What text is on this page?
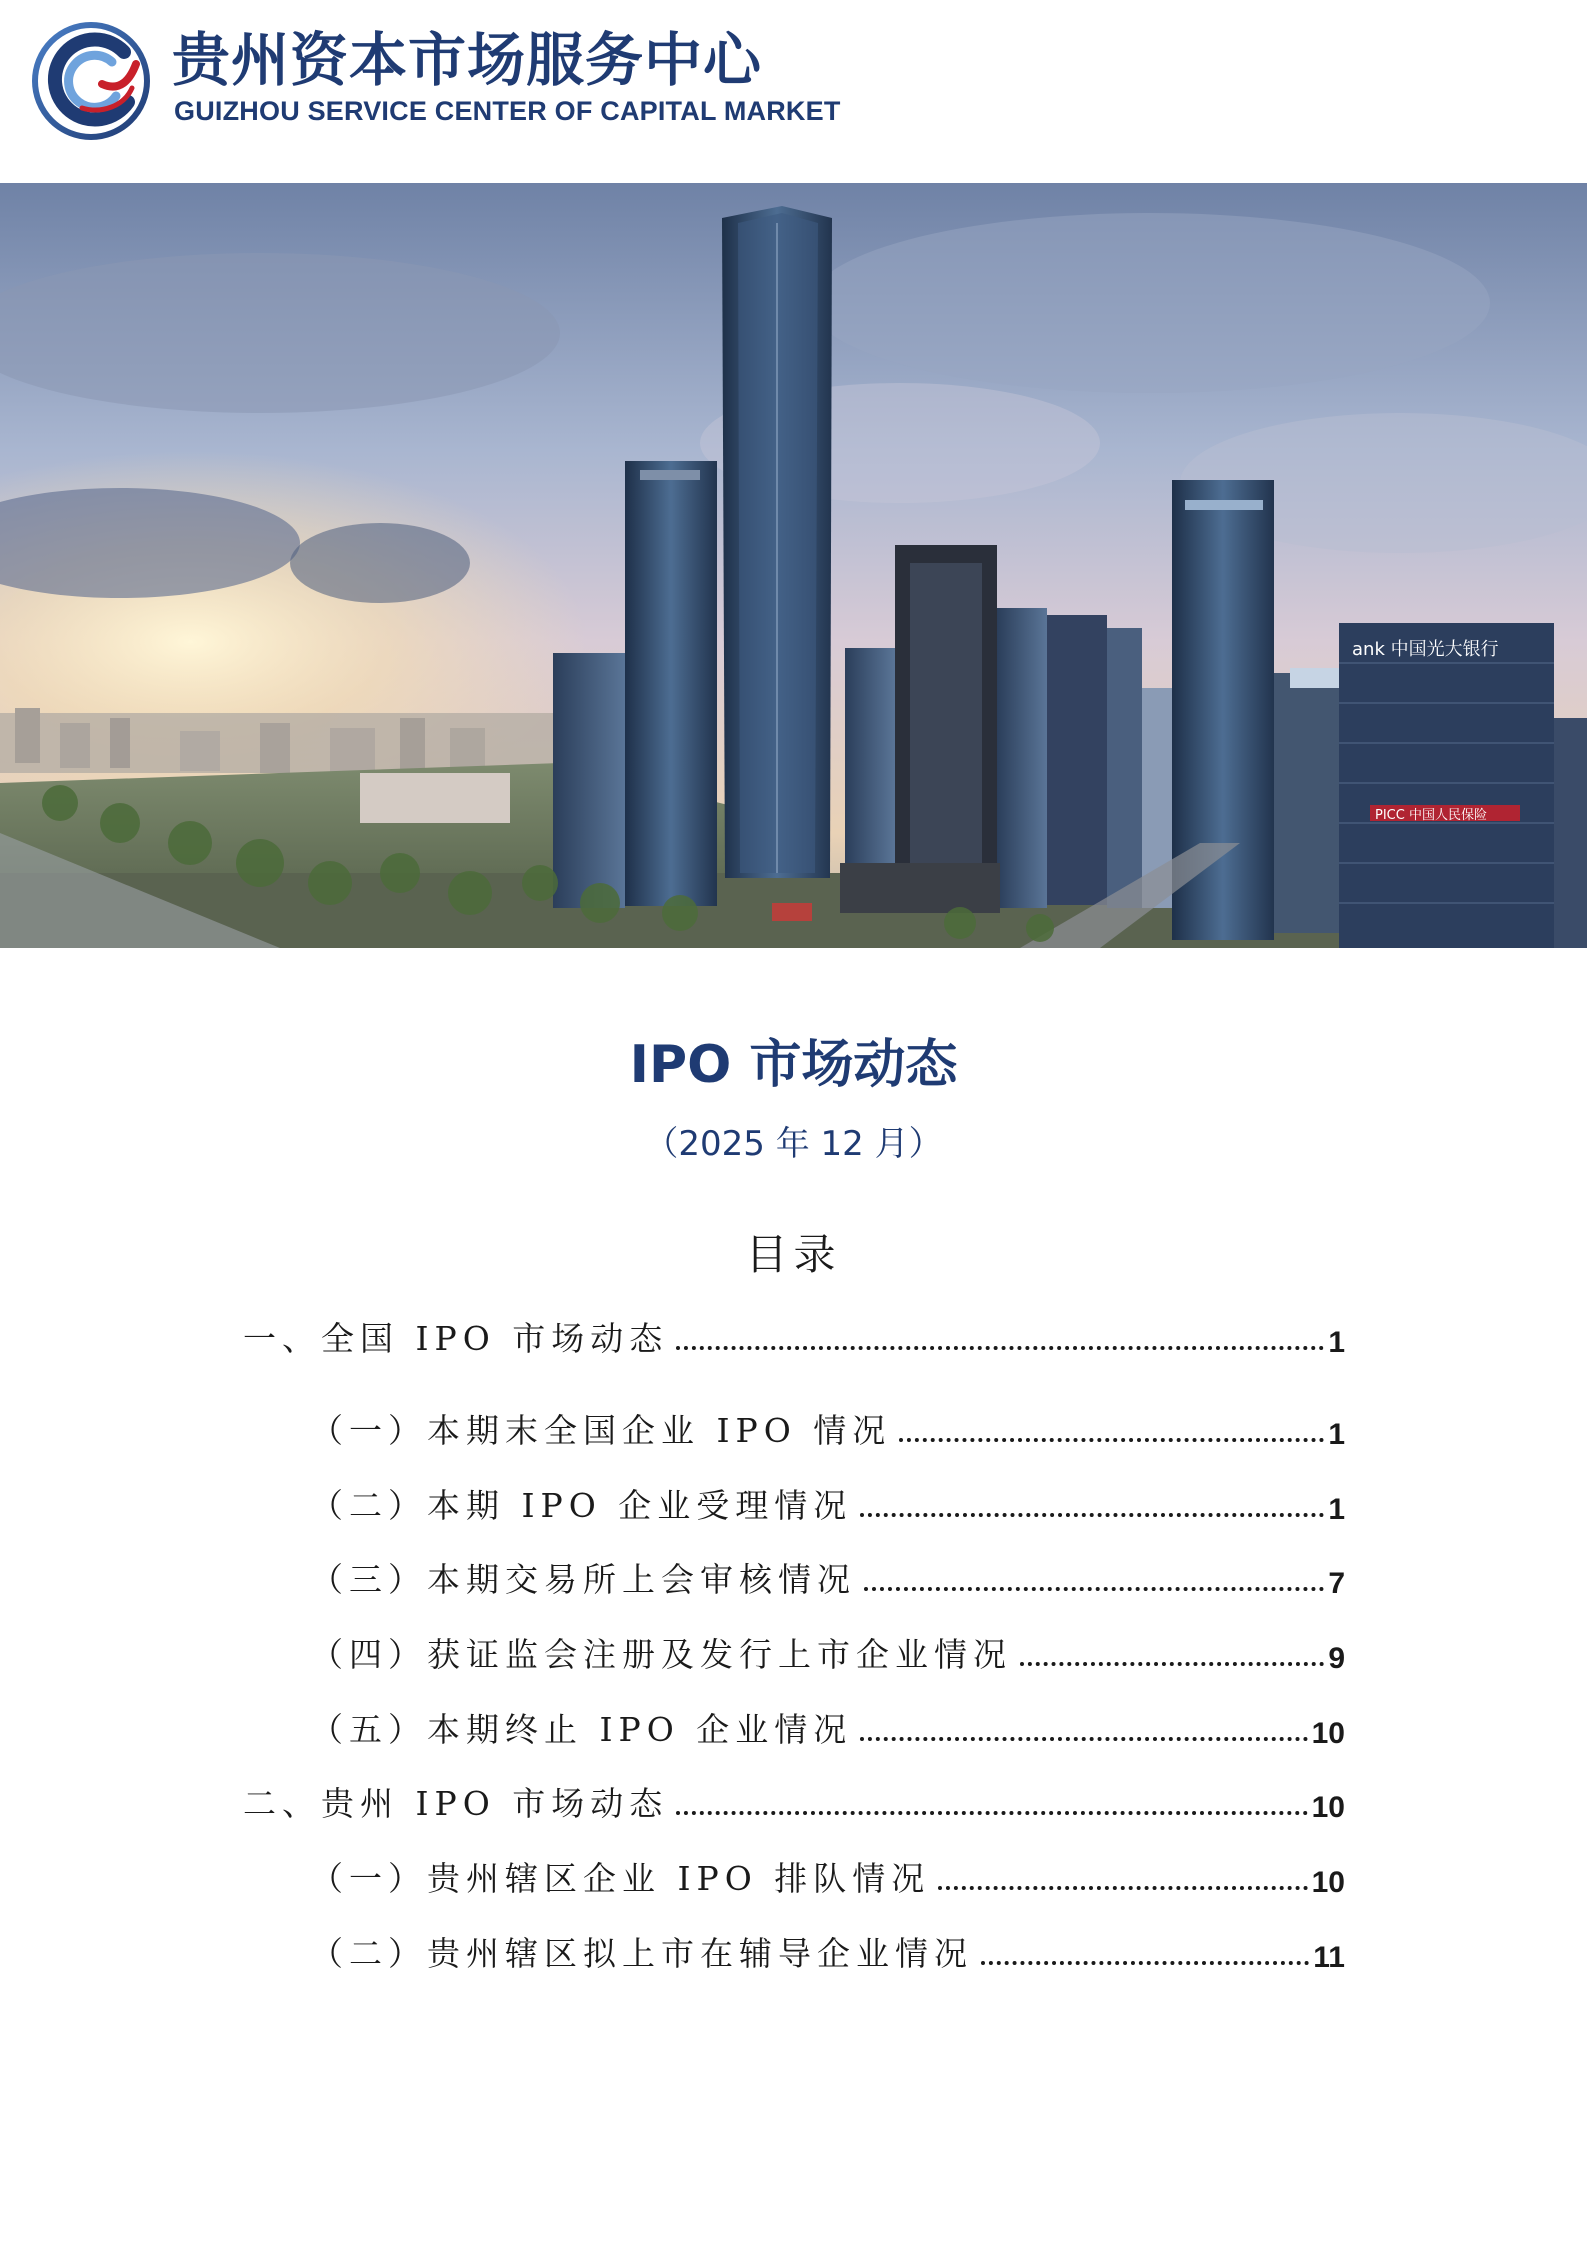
贵州资本市场服务中心
GUIZHOU SERVICE CENTER OF CAPITAL MARKET
ank 中国光大银行
PICC 中国人民保险
IPO 市场动态
（2025 年 12 月）
目录
一、全国 IPO 市场动态	1
（一）本期末全国企业 IPO 情况	1
（二）本期 IPO 企业受理情况	1
（三）本期交易所上会审核情况	7
（四）获证监会注册及发行上市企业情况	9
（五）本期终止 IPO 企业情况	10
二、贵州 IPO 市场动态	10
（一）贵州辖区企业 IPO 排队情况	10
（二）贵州辖区拟上市在辅导企业情况	11
